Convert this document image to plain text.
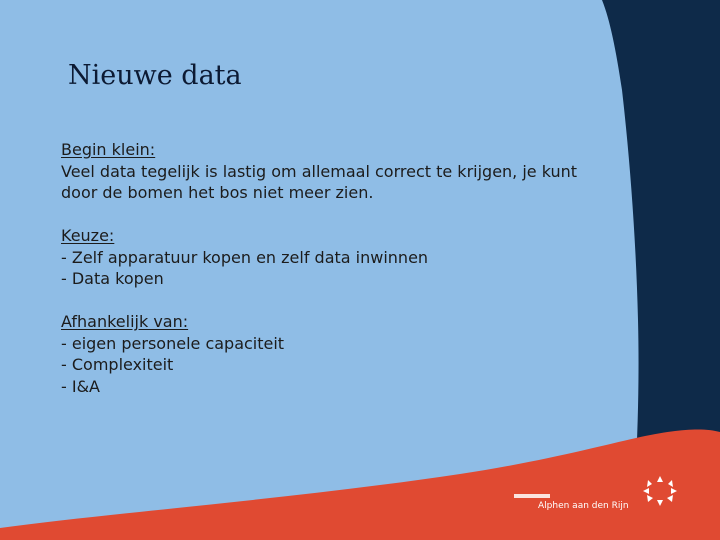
Nieuwe data
Begin klein:
Veel data tegelijk is lastig om allemaal correct te krijgen, je kunt door de bomen het bos niet meer zien.
Keuze:
- Zelf apparatuur kopen en zelf data inwinnen
- Data kopen
Afhankelijk van:
- eigen personele capaciteit
- Complexiteit
- I&A
Alphen aan den Rijn
